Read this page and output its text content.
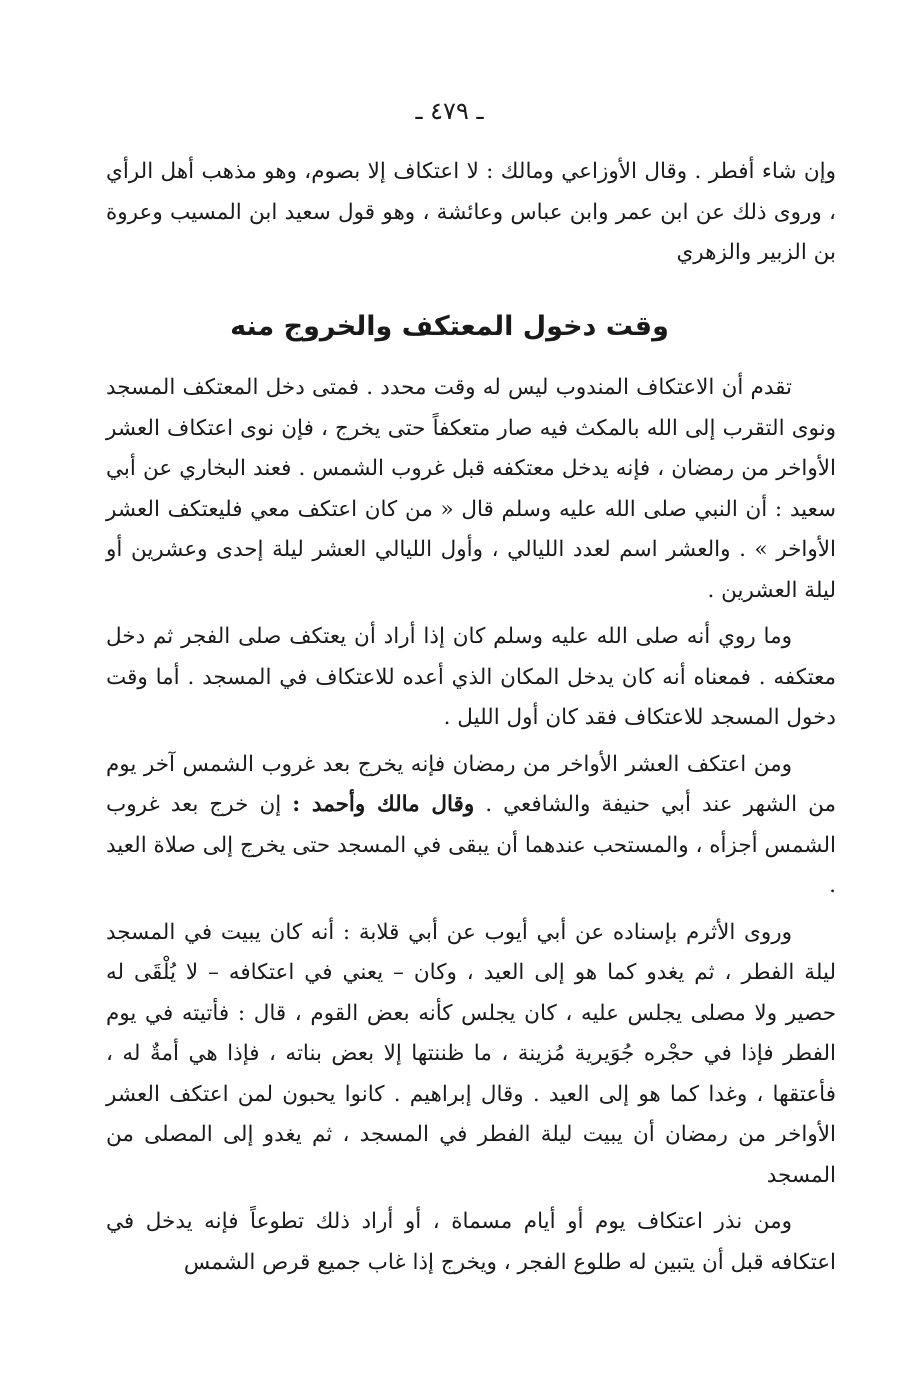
ـ ٤٧٩ ـ

وإن شاء أفطر . وقال الأوزاعي ومالك : لا اعتكاف إلا بصوم، وهو مذهب أهل الرأي ، وروى ذلك عن ابن عمر وابن عباس وعائشة ، وهو قول سعيد ابن المسيب وعروة بن الزبير والزهري

وقت دخول المعتكف والخروج منه

تقدم أن الاعتكاف المندوب ليس له وقت محدد . فمتى دخل المعتكف المسجد ونوى التقرب إلى الله بالمكث فيه صار متعكفاً حتى يخرج ، فإن نوى اعتكاف العشر الأواخر من رمضان ، فإنه يدخل معتكفه قبل غروب الشمس . فعند البخاري عن أبي سعيد : أن النبي صلى الله عليه وسلم قال « من كان اعتكف معي فليعتكف العشر الأواخر » . والعشر اسم لعدد الليالي ، وأول الليالي العشر ليلة إحدى وعشرين أو ليلة العشرين .

وما روي أنه صلى الله عليه وسلم كان إذا أراد أن يعتكف صلى الفجر ثم دخل معتكفه . فمعناه أنه كان يدخل المكان الذي أعده للاعتكاف في المسجد . أما وقت دخول المسجد للاعتكاف فقد كان أول الليل .

ومن اعتكف العشر الأواخر من رمضان فإنه يخرج بعد غروب الشمس آخر يوم من الشهر عند أبي حنيفة والشافعي . وقال مالك وأحمد : إن خرج بعد غروب الشمس أجزأه ، والمستحب عندهما أن يبقى في المسجد حتى يخرج إلى صلاة العيد .

وروى الأثرم بإسناده عن أبي أيوب عن أبي قلابة : أنه كان يبيت في المسجد ليلة الفطر ، ثم يغدو كما هو إلى العيد ، وكان – يعني في اعتكافه – لا يُلْقَى له حصير ولا مصلى يجلس عليه ، كان يجلس كأنه بعض القوم ، قال : فأتيته في يوم الفطر فإذا في حجْره جُوَيرية مُزينة ، ما ظننتها إلا بعض بناته ، فإذا هي أمةٌ له ، فأعتقها ، وغدا كما هو إلى العيد . وقال إبراهيم . كانوا يحبون لمن اعتكف العشر الأواخر من رمضان أن يبيت ليلة الفطر في المسجد ، ثم يغدو إلى المصلى من المسجد

ومن نذر اعتكاف يوم أو أيام مسماة ، أو أراد ذلك تطوعاً فإنه يدخل في اعتكافه قبل أن يتبين له طلوع الفجر ، ويخرج إذا غاب جميع قرص الشمس
